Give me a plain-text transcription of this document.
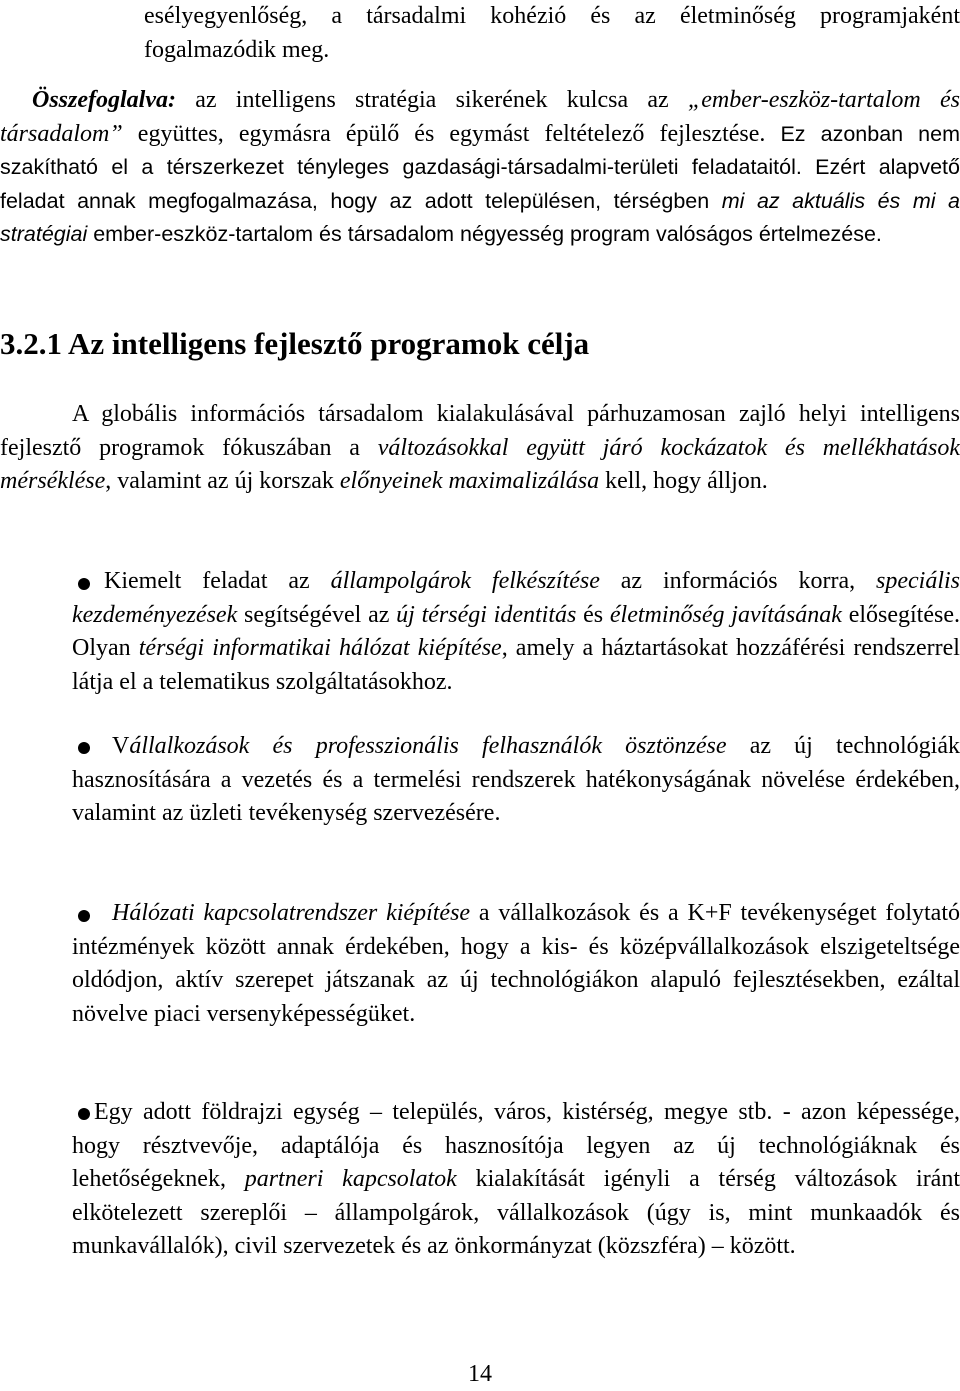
esélyegyenlőség, a társadalmi kohézió és az életminőség programjaként fogalmazódik meg.
Összefoglalva: az intelligens stratégia sikerének kulcsa az „ember-eszköz-tartalom és társadalom” együttes, egymásra épülő és egymást feltételező fejlesztése. Ez azonban nem szakítható el a térszerkezet tényleges gazdasági-társadalmi-területi feladataitól. Ezért alapvető feladat annak megfogalmazása, hogy az adott településen, térségben mi az aktuális és mi a stratégiai ember-eszköz-tartalom és társadalom négyesség program valóságos értelmezése.
3.2.1 Az intelligens fejlesztő programok célja
A globális információs társadalom kialakulásával párhuzamosan zajló helyi intelligens fejlesztő programok fókuszában a változásokkal együtt járó kockázatok és mellékhatások mérséklése, valamint az új korszak előnyeinek maximalizálása kell, hogy álljon.
Kiemelt feladat az állampolgárok felkészítése az információs korra, speciális kezdeményezések segítségével az új térségi identitás és életminőség javításának elősegítése. Olyan térségi informatikai hálózat kiépítése, amely a háztartásokat hozzáférési rendszerrel látja el a telematikus szolgáltatásokhoz.
Vállalkozások és professzionális felhasználók ösztönzése az új technológiák hasznosítására a vezetés és a termelési rendszerek hatékonyságának növelése érdekében, valamint az üzleti tevékenység szervezésére.
Hálózati kapcsolatrendszer kiépítése a vállalkozások és a K+F tevékenységet folytató intézmények között annak érdekében, hogy a kis- és középvállalkozások elszigeteltsége oldódjon, aktív szerepet játszanak az új technológiákon alapuló fejlesztésekben, ezáltal növelve piaci versenyképességüket.
Egy adott földrajzi egység – település, város, kistérség, megye stb. - azon képessége, hogy résztvevője, adaptálója és hasznosítója legyen az új technológiáknak és lehetőségeknek, partneri kapcsolatok kialakítását igényli a térség változások iránt elkötelezett szereplői – állampolgárok, vállalkozások (úgy is, mint munkaadók és munkavállalók), civil szervezetek és az önkormányzat (közszféra) – között.
14
